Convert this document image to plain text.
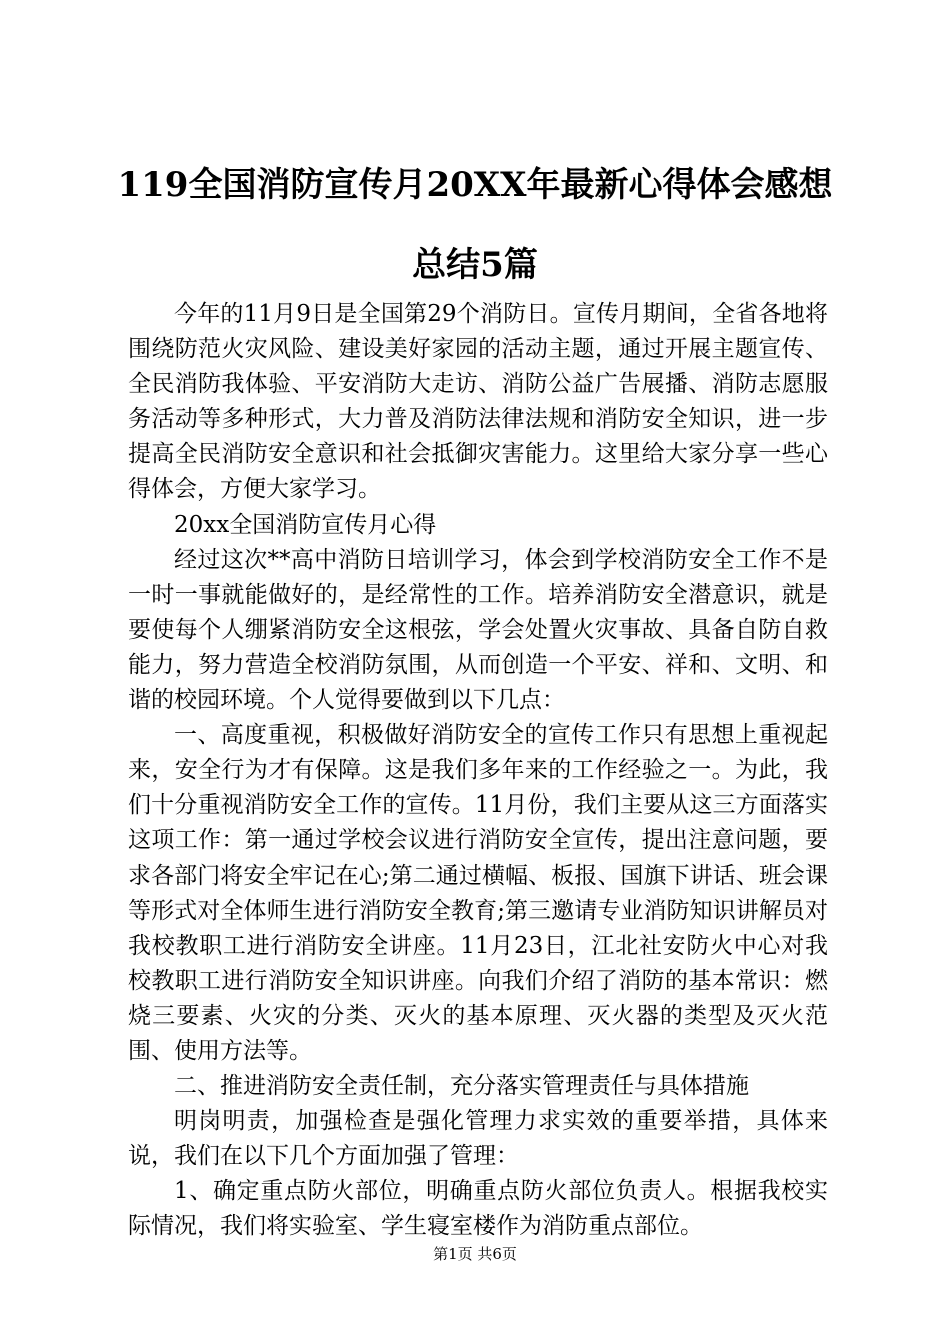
119全国消防宣传月20XX年最新心得体会感想
总结5篇

今年的11月9日是全国第29个消防日。宣传月期间，全省各地将围绕防范火灾风险、建设美好家园的活动主题，通过开展主题宣传、全民消防我体验、平安消防大走访、消防公益广告展播、消防志愿服务活动等多种形式，大力普及消防法律法规和消防安全知识，进一步提高全民消防安全意识和社会抵御灾害能力。这里给大家分享一些心得体会，方便大家学习。

20xx全国消防宣传月心得

经过这次**高中消防日培训学习，体会到学校消防安全工作不是一时一事就能做好的，是经常性的工作。培养消防安全潜意识，就是要使每个人绷紧消防安全这根弦，学会处置火灾事故、具备自防自救能力，努力营造全校消防氛围，从而创造一个平安、祥和、文明、和谐的校园环境。个人觉得要做到以下几点：

一、高度重视，积极做好消防安全的宣传工作只有思想上重视起来，安全行为才有保障。这是我们多年来的工作经验之一。为此，我们十分重视消防安全工作的宣传。11月份，我们主要从这三方面落实这项工作：第一通过学校会议进行消防安全宣传，提出注意问题，要求各部门将安全牢记在心;第二通过横幅、板报、国旗下讲话、班会课等形式对全体师生进行消防安全教育;第三邀请专业消防知识讲解员对我校教职工进行消防安全讲座。11月23日，江北社安防火中心对我校教职工进行消防安全知识讲座。向我们介绍了消防的基本常识：燃烧三要素、火灾的分类、灭火的基本原理、灭火器的类型及灭火范围、使用方法等。

二、推进消防安全责任制，充分落实管理责任与具体措施

明岗明责，加强检查是强化管理力求实效的重要举措，具体来说，我们在以下几个方面加强了管理：

1、确定重点防火部位，明确重点防火部位负责人。根据我校实际情况，我们将实验室、学生寝室楼作为消防重点部位。

第1页 共6页
